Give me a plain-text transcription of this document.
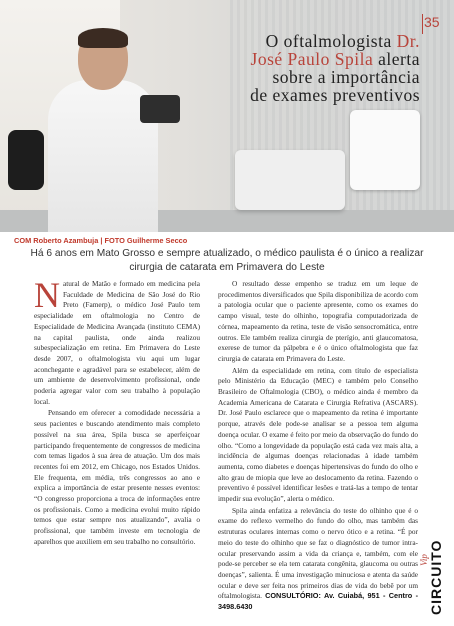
35
O oftalmologista Dr.
José Paulo Spila alerta
sobre a importância
de exames preventivos
COM Roberto Azambuja | FOTO Guilherme Secco
Há 6 anos em Mato Grosso e sempre atualizado, o médico paulista é o único a realizar cirurgia de catarata em Primavera do Leste

Natural de Matão e formado em medicina pela Faculdade de Medicina de São José do Rio Preto (Famerp), o médico José Paulo tem especialidade em oftalmologia no Centro de Especialidade de Medicina Avançada (instituto CEMA) na capital paulista, onde ainda realizou subespecialização em retina. Em Primavera do Leste desde 2007, o oftalmologista viu aqui um lugar aconchegante e agradável para se estabelecer, além de um ambiente de desenvolvimento profissional, onde poderia agregar valor com seu trabalho à população local.

Pensando em oferecer a comodidade necessária a seus pacientes e buscando atendimento mais completo possível na sua área, Spila busca se aperfeiçoar participando frequentemente de congressos de medicina com temas ligados à sua área de atuação. Um dos mais recentes foi em 2012, em Chicago, nos Estados Unidos. Ele frequenta, em média, três congressos ao ano e explica a importância de estar presente nesses eventos: “O congresso proporciona a troca de informações entre os profissionais. Como a medicina evolui muito rápido temos que estar sempre nos atualizando”, avalia o profissional, que também investe em tecnologia de aparelhos que auxiliem em seu trabalho no consultório.

O resultado desse empenho se traduz em um leque de procedimentos diversificados que Spila disponibiliza de acordo com a patologia ocular que o paciente apresente, como os exames do campo visual, teste do olhinho, topografia computadorizada de córnea, mapeamento da retina, teste de visão sensocromática, entre outros. Ele também realiza cirurgia de pterígio, anti glaucomatosa, exerese de tumor da pálpebra e é o único oftalmologista que faz cirurgia de catarata em Primavera do Leste.

Além da especialidade em retina, com título de especialista pelo Ministério da Educação (MEC) e também pelo Conselho Brasileiro de Oftalmologia (CBO), o médico ainda é membro da Academia Americana de Catarata e Cirurgia Refrativa (ASCARS). Dr. José Paulo esclarece que o mapeamento da retina é importante porque, através dele pode-se analisar se a pessoa tem alguma doença ocular. O exame é feito por meio da observação do fundo do olho. “Como a longevidade da população está cada vez mais alta, a incidência de algumas doenças relacionadas à idade também aumenta, como diabetes e doenças hipertensivas do fundo do olho e alto grau de miopia que leve ao deslocamento da retina. Fazendo o preventivo é possível identificar lesões e tratá-las a tempo de tentar impedir sua evolução”, alerta o médico.

Spila ainda enfatiza a relevância do teste do olhinho que é o exame do reflexo vermelho do fundo do olho, mas também das estruturas oculares internas como o nervo ótico e a retina. “É por meio do teste do olhinho que se faz o diagnóstico de tumor intra-ocular preservando assim a vida da criança e, também, com ele pode-se perceber se ela tem catarata congênita, glaucoma ou outras doenças”, salienta. É uma investigação minuciosa e atenta da saúde ocular e deve ser feita nos primeiros dias de vida do bebê por um oftalmologista. CONSULTÓRIO: Av. Cuiabá, 951 - Centro - 3498.6430	CIRCUITO
Vip
